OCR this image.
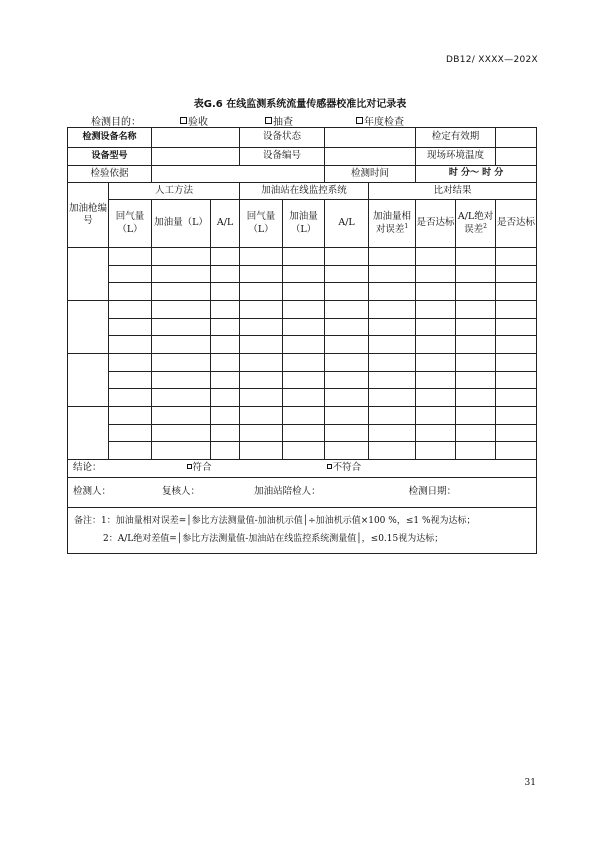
DB12/ XXXX—202X
表G.6 在线监测系统流量传感器校准比对记录表
检测目的：	验收	抽查	年度检查
检测设备名称				设备状态				检定有效期		
设备型号				设备编号				现场环境温度		
检验依据						检测时间		时 分～ 时 分		
加油枪编号	人工方法			加油站在线监控系统			比对结果			
	回气量（L）	加油量（L）	A/L	回气量（L）	加油量（L）	A/L	加油量相对误差$^1$	是否达标	A/L绝对误差$^2$	是否达标

结论： 符合 不符合										
检测人： 复核人： 加油站陪检人： 检测日期：										

备注：1：加油量相对误差=│参比方法测量值-加油机示值│÷加油机示值×100 %，≤1 %视为达标；
2：A/L绝对差值=│参比方法测量值-加油站在线监控系统测量值│，≤0.15视为达标；										
31
